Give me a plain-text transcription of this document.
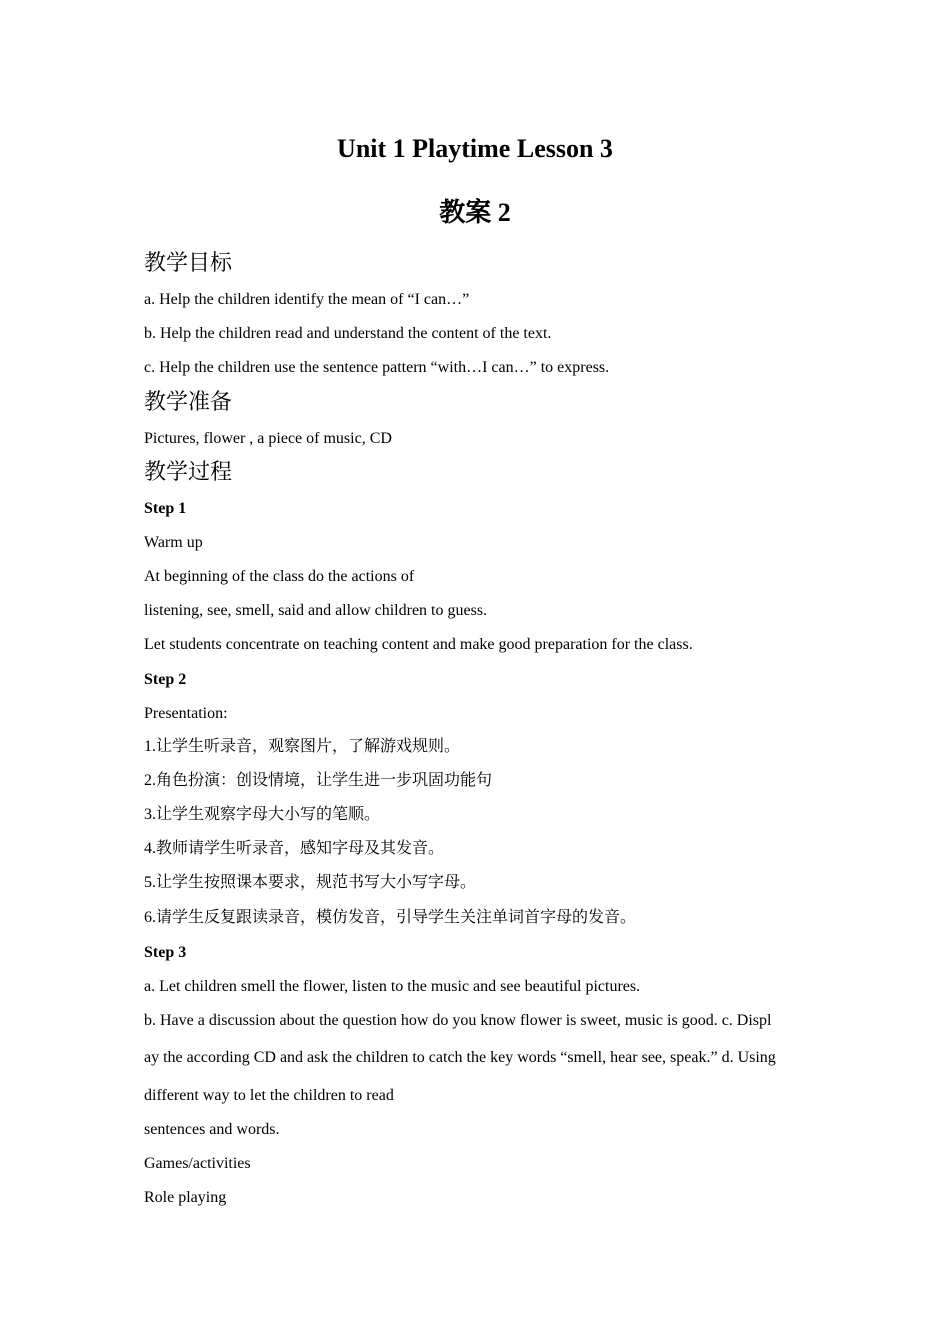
Unit 1 Playtime Lesson 3
教案 2
教学目标

a. Help the children identify the mean of “I can…”

b. Help the children read and understand the content of the text.

c. Help the children use the sentence pattern “with…I can…” to express.

教学准备

Pictures, flower , a piece of music, CD

教学过程

Step 1

Warm up

At beginning of the class do the actions of

listening, see, smell, said and allow children to guess.

Let students concentrate on teaching content and make good preparation for the class.

Step 2

Presentation:

1.让学生听录音，观察图片，了解游戏规则。

2.角色扮演：创设情境，让学生进一步巩固功能句

3.让学生观察字母大小写的笔顺。

4.教师请学生听录音，感知字母及其发音。

5.让学生按照课本要求，规范书写大小写字母。

6.请学生反复跟读录音，模仿发音，引导学生关注单词首字母的发音。

Step 3

a. Let children smell the flower, listen to the music and see beautiful pictures.

b. Have a discussion about the question how do you know flower is sweet, music is good. c. Displ

ay the according CD and ask the children to catch the key words “smell, hear see, speak.” d. Using

different way to let the children to read

sentences and words.

Games/activities

Role playing
